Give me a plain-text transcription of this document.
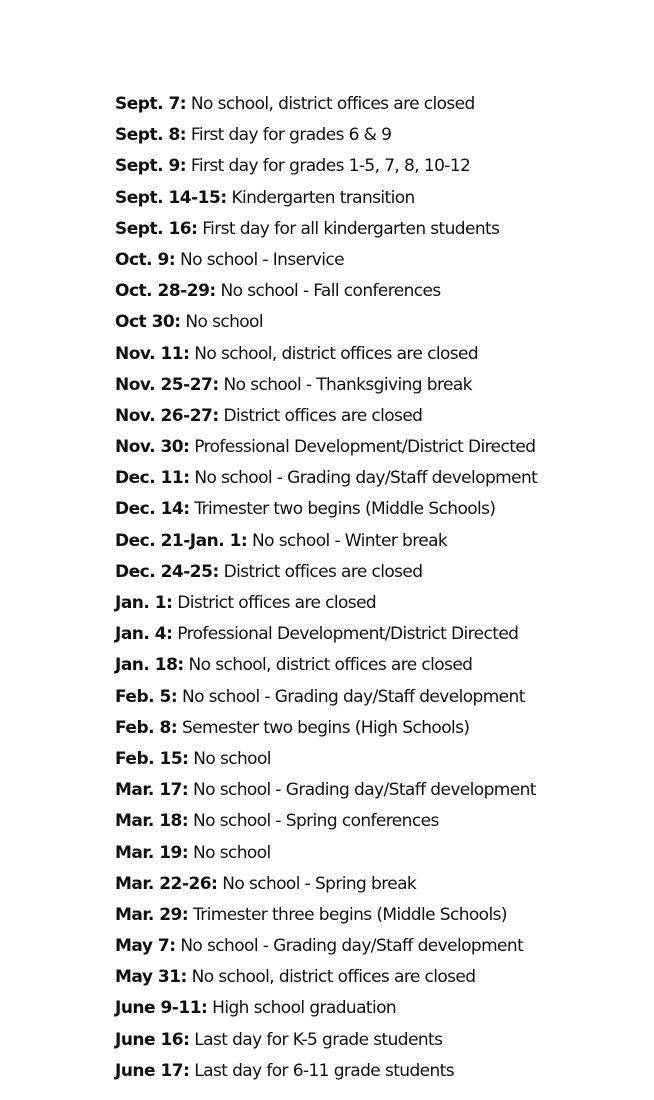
Sept. 7: No school, district offices are closed
Sept. 8: First day for grades 6 & 9
Sept. 9: First day for grades 1-5, 7, 8, 10-12
Sept. 14-15: Kindergarten transition
Sept. 16: First day for all kindergarten students
Oct. 9: No school - Inservice
Oct. 28-29: No school - Fall conferences
Oct 30: No school
Nov. 11: No school, district offices are closed
Nov. 25-27: No school - Thanksgiving break
Nov. 26-27: District offices are closed
Nov. 30: Professional Development/District Directed
Dec. 11: No school - Grading day/Staff development
Dec. 14: Trimester two begins (Middle Schools)
Dec. 21-Jan. 1: No school - Winter break
Dec. 24-25: District offices are closed
Jan. 1: District offices are closed
Jan. 4: Professional Development/District Directed
Jan. 18: No school, district offices are closed
Feb. 5: No school - Grading day/Staff development
Feb. 8: Semester two begins (High Schools)
Feb. 15: No school
Mar. 17: No school - Grading day/Staff development
Mar. 18: No school - Spring conferences
Mar. 19: No school
Mar. 22-26: No school - Spring break
Mar. 29: Trimester three begins (Middle Schools)
May 7: No school - Grading day/Staff development
May 31: No school, district offices are closed
June 9-11: High school graduation
June 16: Last day for K-5 grade students
June 17: Last day for 6-11 grade students
